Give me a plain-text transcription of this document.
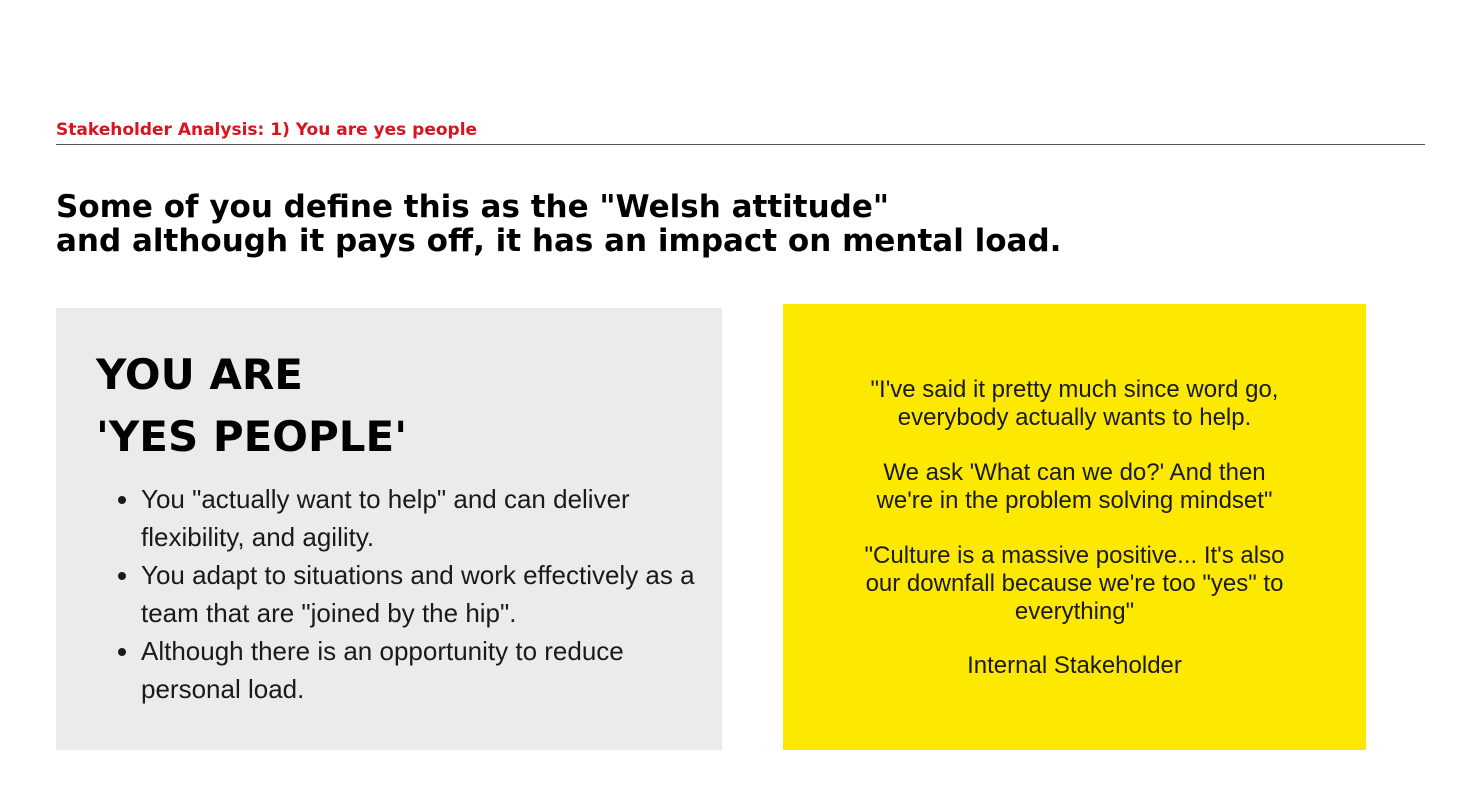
Stakeholder Analysis: 1) You are yes people
Some of you define this as the "Welsh attitude"
and although it pays off, it has an impact on mental load.
YOU ARE
'YES PEOPLE'
• You "actually want to help" and can deliver flexibility, and agility.
• You adapt to situations and work effectively as a team that are "joined by the hip".
• Although there is an opportunity to reduce personal load.
"I've said it pretty much since word go,
everybody actually wants to help.
We ask 'What can we do?' And then
we're in the problem solving mindset"
"Culture is a massive positive... It's also
our downfall because we're too "yes" to
everything"
Internal Stakeholder
